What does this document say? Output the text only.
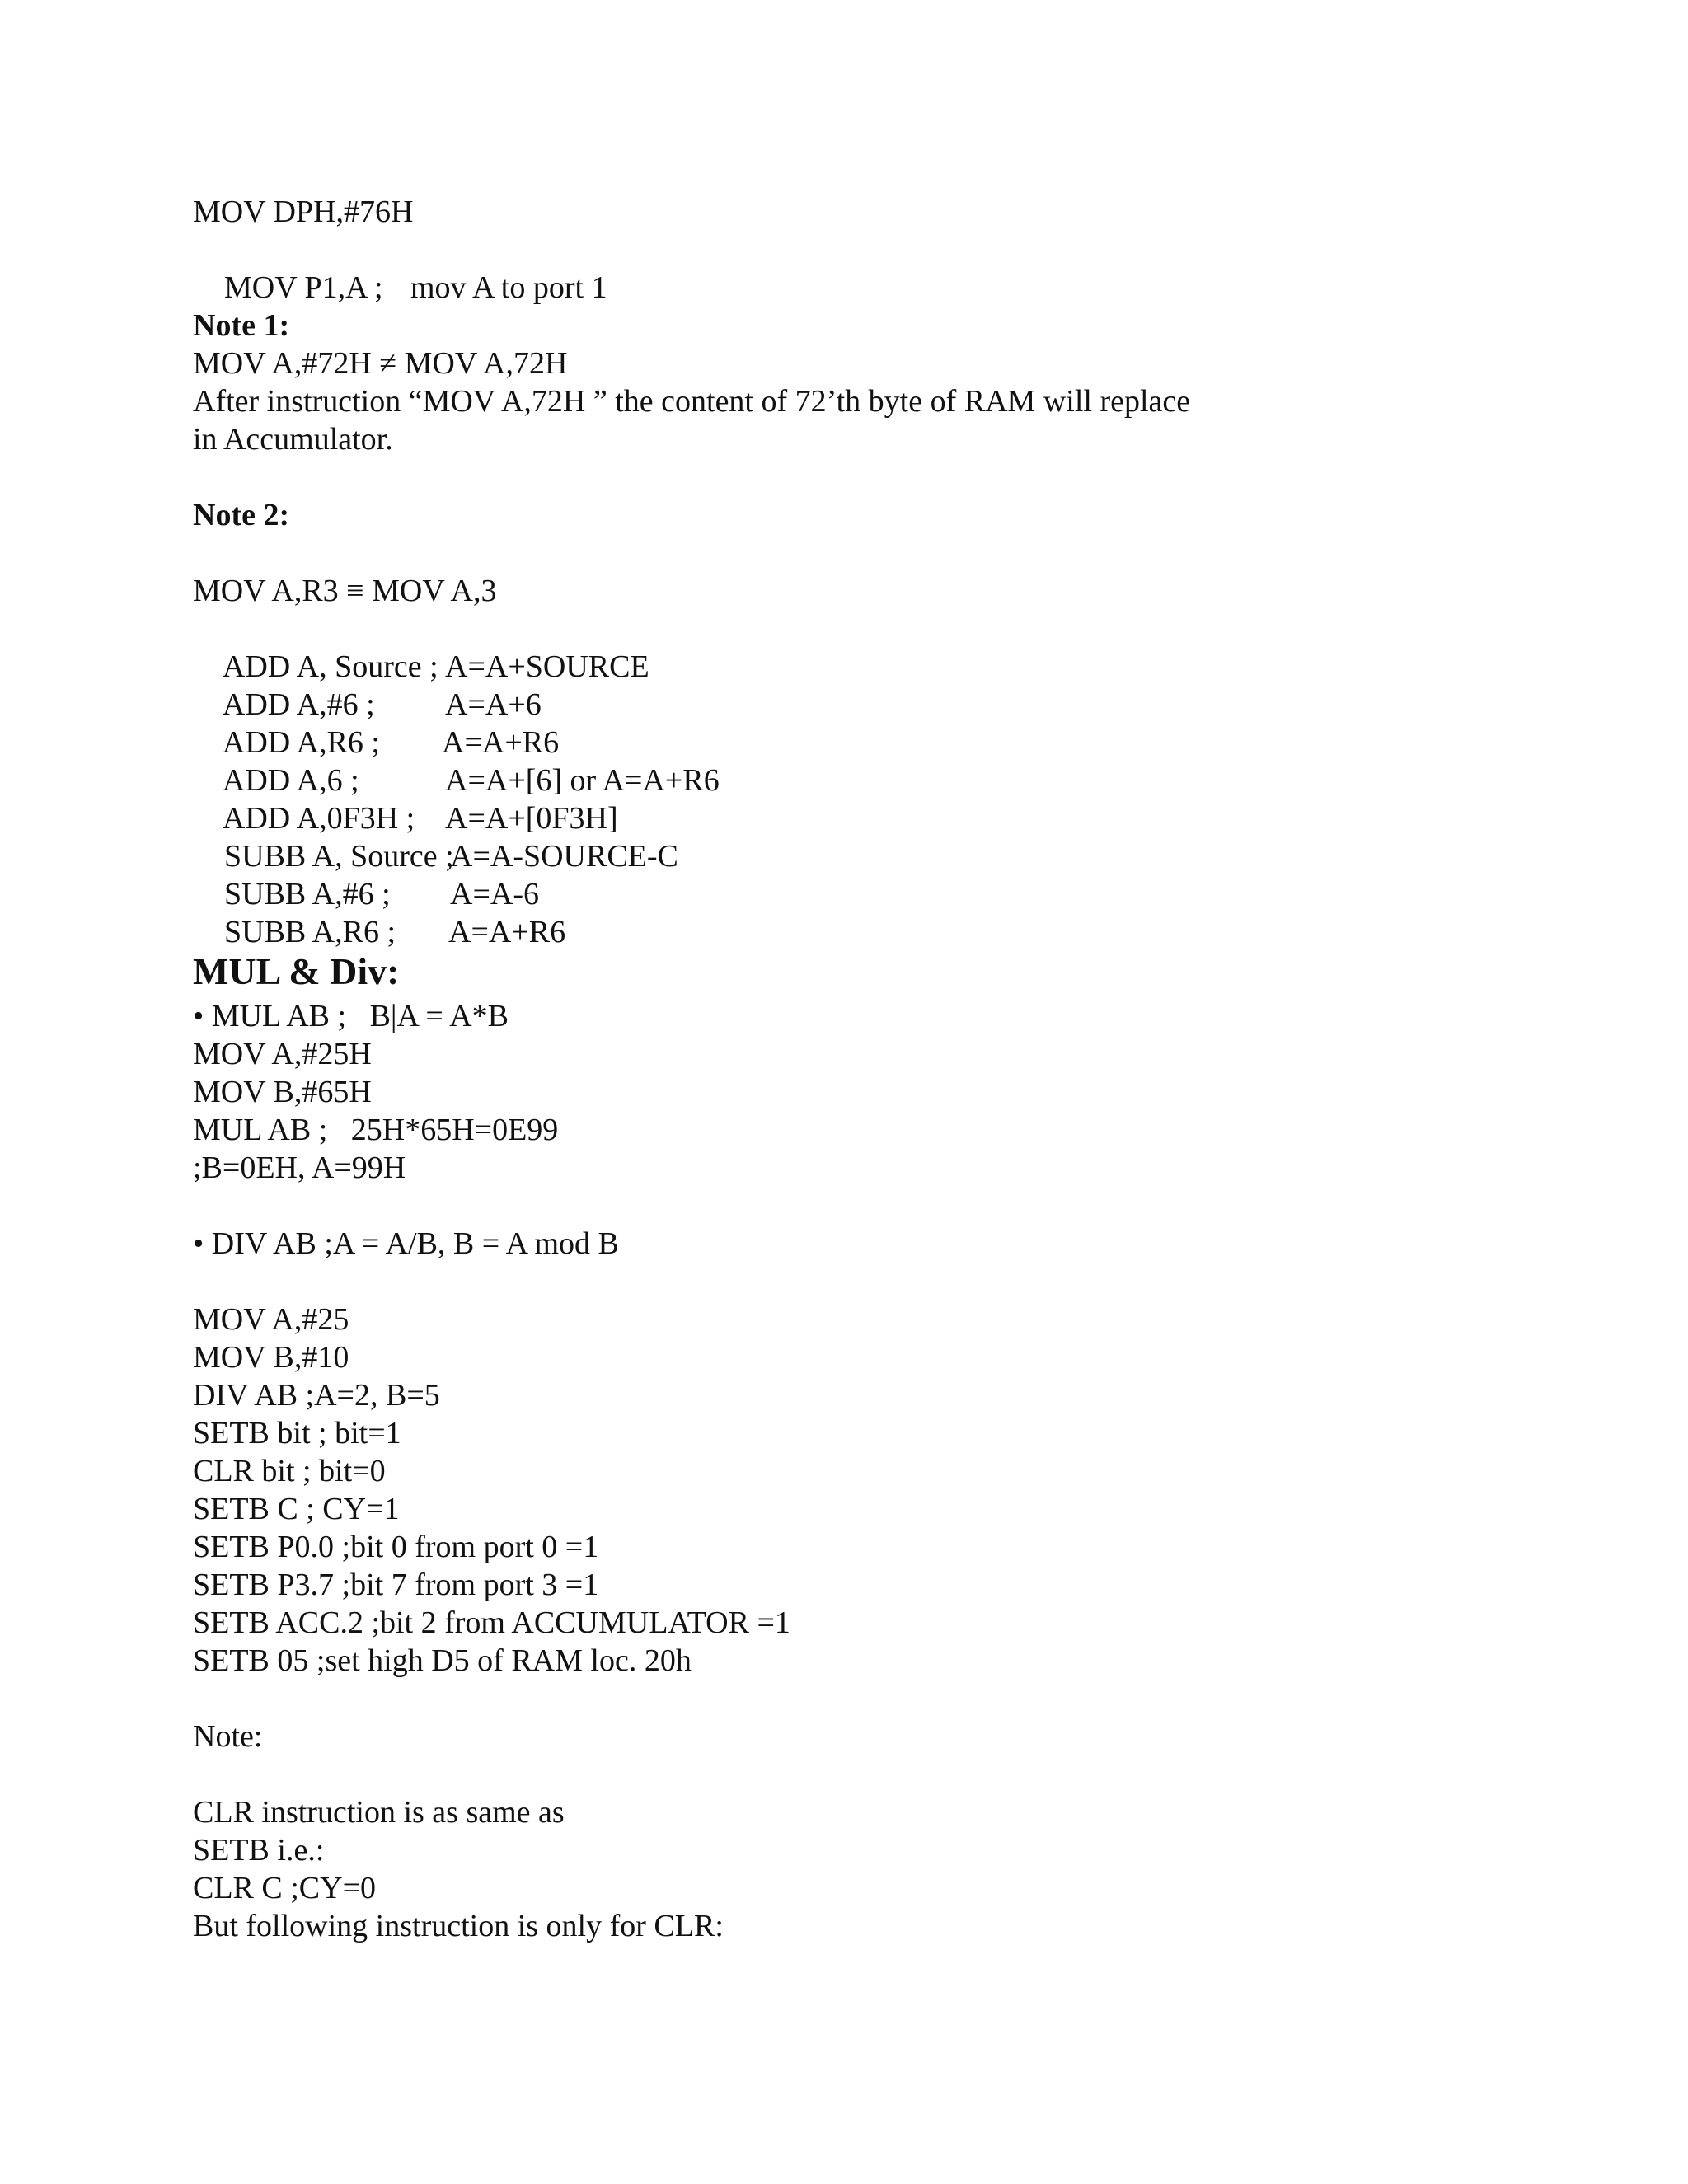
MOV DPH,#76H

MOV P1,A ; mov A to port 1

Note 1:
MOV A,#72H ≠ MOV A,72H
After instruction “MOV A,72H ” the content of 72’th byte of RAM will replace
in Accumulator.
Note 2:
MOV A,R3 ≡ MOV A,3

ADD A, Source ; A=A+SOURCE

ADD A,#6 ; A=A+6

ADD A,R6 ; A=A+R6

ADD A,6 ;	A=A+[6] or A=A+R6

ADD A,0F3H ; A=A+[0F3H]

SUBB A, Source ;
A=A-SOURCE-C

SUBB A,#6 ; A=A-6

SUBB A,R6 ; A=A+R6

MUL & Div:
• MUL AB ;   B|A = A*B
MOV A,#25H
MOV B,#65H
MUL AB ;   25H*65H=0E99
;B=0EH, A=99H
• DIV AB ;A = A/B, B = A mod B
MOV A,#25
MOV B,#10
DIV AB ;A=2, B=5
SETB bit ; bit=1
CLR bit ; bit=0
SETB C ; CY=1
SETB P0.0 ;bit 0 from port 0 =1
SETB P3.7 ;bit 7 from port 3 =1
SETB ACC.2 ;bit 2 from ACCUMULATOR =1
SETB 05 ;set high D5 of RAM loc. 20h
Note:
CLR instruction is as same as
SETB i.e.:
CLR C ;CY=0
But following instruction is only for CLR:
